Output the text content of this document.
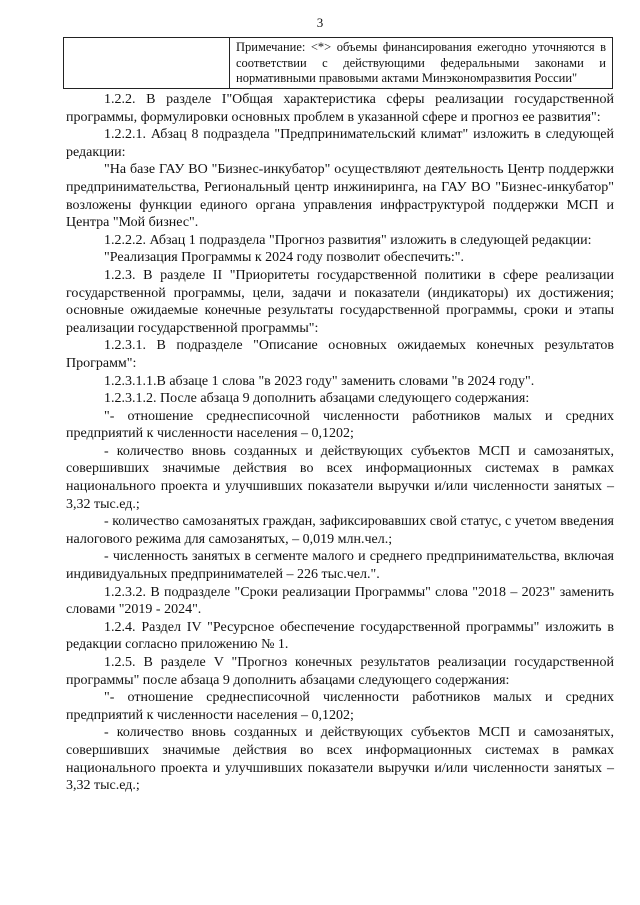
3
Примечание: <*> объемы финансирования ежегодно уточняются в соответствии с действующими федеральными законами и нормативными правовыми актами Минэкономразвития России"

1.2.2. В разделе I"Общая характеристика сферы реализации государственной программы, формулировки основных проблем в указанной сфере и прогноз ее развития":

1.2.2.1. Абзац 8 подраздела "Предпринимательский климат" изложить в следующей редакции:

"На базе ГАУ ВО "Бизнес-инкубатор" осуществляют деятельность Центр поддержки предпринимательства, Региональный центр инжиниринга, на ГАУ ВО "Бизнес-инкубатор" возложены функции единого органа управления инфраструктурой поддержки МСП и Центра "Мой бизнес".

1.2.2.2. Абзац 1 подраздела "Прогноз развития" изложить в следующей редакции:

"Реализация Программы к 2024 году позволит обеспечить:".

1.2.3. В разделе II "Приоритеты государственной политики в сфере реализации государственной программы, цели, задачи и показатели (индикаторы) их достижения; основные ожидаемые конечные результаты государственной программы, сроки и этапы реализации государственной программы":

1.2.3.1. В подразделе "Описание основных ожидаемых конечных результатов Программ":

1.2.3.1.1.В абзаце 1 слова "в 2023 году" заменить словами "в 2024 году".

1.2.3.1.2. После абзаца 9 дополнить абзацами следующего содержания:

"- отношение среднесписочной численности работников малых и средних предприятий к численности населения – 0,1202;

- количество вновь созданных и действующих субъектов МСП и самозанятых, совершивших значимые действия во всех информационных системах в рамках национального проекта и улучшивших показатели выручки и/или численности занятых – 3,32 тыс.ед.;

- количество самозанятых граждан, зафиксировавших свой статус, с учетом введения налогового режима для самозанятых, – 0,019 млн.чел.;

- численность занятых в сегменте малого и среднего предпринимательства, включая индивидуальных предпринимателей – 226 тыс.чел.".

1.2.3.2. В подразделе "Сроки реализации Программы" слова "2018 – 2023" заменить словами "2019 - 2024".

1.2.4. Раздел IV "Ресурсное обеспечение государственной программы" изложить в редакции согласно приложению № 1.

1.2.5. В разделе V "Прогноз конечных результатов реализации государственной программы" после абзаца 9 дополнить абзацами следующего содержания:

"- отношение среднесписочной численности работников малых и средних предприятий к численности населения – 0,1202;

- количество вновь созданных и действующих субъектов МСП и самозанятых, совершивших значимые действия во всех информационных системах в рамках национального проекта и улучшивших показатели выручки и/или численности занятых – 3,32 тыс.ед.;
